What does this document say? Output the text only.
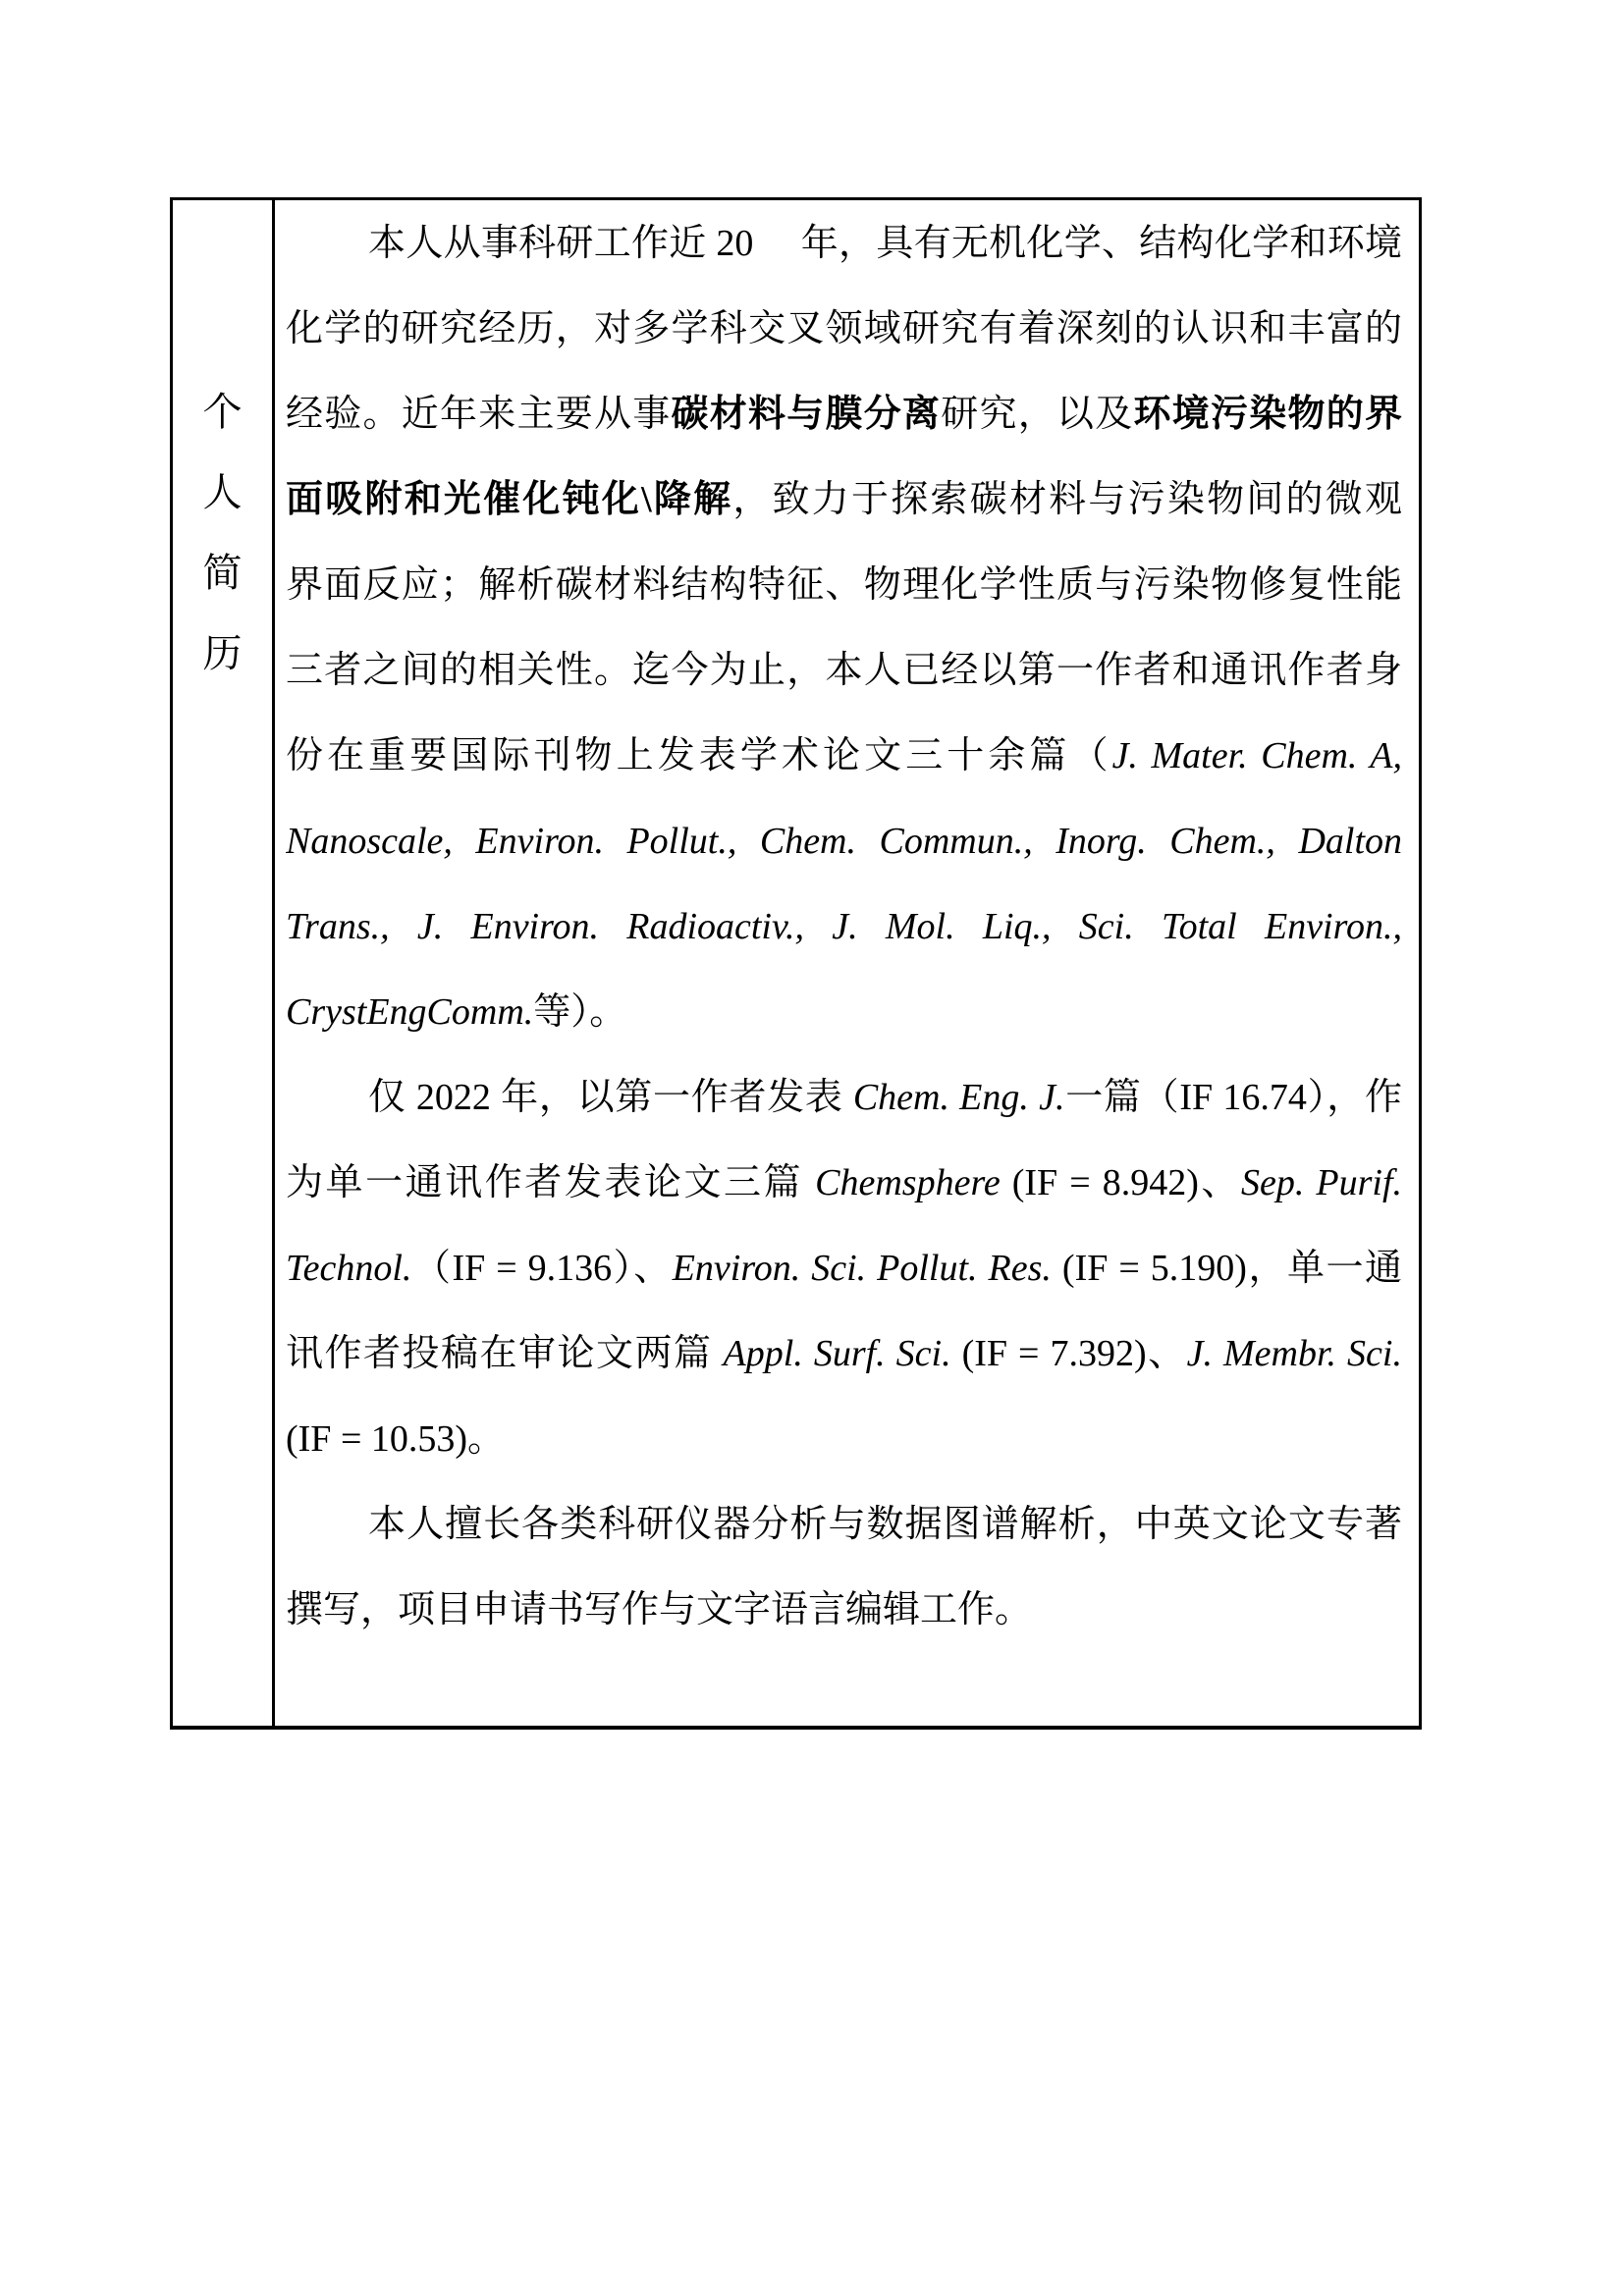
个
人
简
历
本人从事科研工作近 20　 年，具有无机化学、结构化学和环境
化学的研究经历，对多学科交叉领域研究有着深刻的认识和丰富的
经验。近年来主要从事碳材料与膜分离研究，以及环境污染物的界
面吸附和光催化钝化\降解，致力于探索碳材料与污染物间的微观
界面反应；解析碳材料结构特征、物理化学性质与污染物修复性能
三者之间的相关性。迄今为止，本人已经以第一作者和通讯作者身
份在重要国际刊物上发表学术论文三十余篇（J. Mater. Chem. A,
Nanoscale, Environ. Pollut., Chem. Commun., Inorg. Chem., Dalton
Trans., J. Environ. Radioactiv., J. Mol. Liq., Sci. Total Environ.,
CrystEngComm.等）。
仅 2022 年，以第一作者发表 Chem. Eng. J.一篇（IF 16.74），作
为单一通讯作者发表论文三篇 Chemsphere (IF = 8.942)、Sep. Purif.
Technol.（IF = 9.136）、Environ. Sci. Pollut. Res. (IF = 5.190)，单一通
讯作者投稿在审论文两篇 Appl. Surf. Sci. (IF = 7.392)、J. Membr. Sci.
(IF = 10.53)。
本人擅长各类科研仪器分析与数据图谱解析，中英文论文专著
撰写，项目申请书写作与文字语言编辑工作。
